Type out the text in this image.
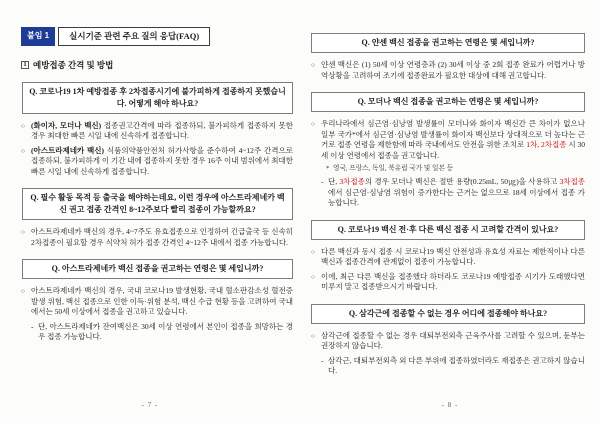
붙임 1	실시기준 관련 주요 질의 응답(FAQ)
1 예방접종 간격 및 방법
Q. 코로나19 1차 예방접종 후 2차접종시기에 불가피하게 접종하지 못했습니다. 어떻게 해야 하나요?
○ (화이자, 모더나 백신) 접종권고간격에 따라 접종하되, 불가피하게 접종하지 못한 경우 최대한 빠른 시일 내에 신속하게 접종합니다.
○ (아스트라제네카 백신) 식품의약품안전처 허가사항을 준수하여 4~12주 간격으로 접종하되, 불가피하게 이 기간 내에 접종하지 못한 경우 16주 이내 범위에서 최대한 빠른 시일 내에 신속하게 접종합니다.
Q. 필수 활동 목적 등 출국을 해야하는데요, 이런 경우에 아스트라제네카 백신 권고 접종 간격인 8~12주보다 빨리 접종이 가능할까요?
○ 아스트라제네카 백신의 경우, 4~7주도 유효접종으로 인정하여 긴급출국 등 신속히 2차접종이 필요할 경우 식약처 허가 접종 간격인 4~12주 내에서 접종 가능합니다.
Q. 아스트라제네카 백신 접종을 권고하는 연령은 몇 세입니까?
○ 아스트라제네카 백신의 경우, 국내 코로나19 발생현황, 국내 혈소판감소성 혈전증 발생 위험, 백신 접종으로 인한 이득·위험 분석, 백신 수급 현황 등을 고려하여 국내에서는 50세 이상에서 접종을 권고하고 있습니다.
- 단, 아스트라제네카 잔여백신은 30세 이상 연령에서 본인이 접종을 희망하는 경우 접종 가능합니다.
- 7 -
Q. 얀센 백신 접종을 권고하는 연령은 몇 세입니까?
○ 얀센 백신은 (1) 50세 이상 연령층과 (2) 30세 이상 중 2회 접종 완료가 어렵거나 방역상황을 고려하여 조기에 접종완료가 필요한 대상에 대해 권고합니다.
Q. 모더나 백신 접종을 권고하는 연령은 몇 세입니까?
○ 우리나라에서 심근염·심낭염 발생률이 모더나와 화이자 백신간 큰 차이가 없으나 일부 국가*에서 심근염·심낭염 발생률이 화이자 백신보다 상대적으로 더 높다는 근거로 접종 연령을 제한함에 따라 국내에서도 안전을 위한 조치로 1차, 2차접종 시 30세 이상 연령에서 접종을 권고합니다.
* 영국, 프랑스, 독일, 북유럽 국가 및 일본 등
- 단, 3차접종의 경우 모더나 백신은 절반 용량(0.25mL, 50㎍)을 사용하고 3차접종에서 심근염·심낭염 위험이 증가한다는 근거는 없으므로 18세 이상에서 접종 가능합니다.
Q. 코로나19 백신 전·후 다른 백신 접종 시 고려할 간격이 있나요?
○ 다른 백신과 동시 접종 시 코로나19 백신 안전성과 유효성 자료는 제한적이나 다른 백신과 접종간격에 관계없이 접종이 가능합니다.
○ 이에, 최근 다른 백신을 접종했다 하더라도 코로나19 예방접종 시기가 도래했다면 미루지 말고 접종받으시기 바랍니다.
Q. 삼각근에 접종할 수 없는 경우 어디에 접종해야 하나요?
○ 삼각근에 접종할 수 없는 경우 대퇴부전외측 근육주사를 고려할 수 있으며, 둔부는 권장하지 않습니다.
- 삼각근, 대퇴부전외측 외 다른 부위에 접종하였더라도 재접종은 권고하지 않습니다.
- 8 -
